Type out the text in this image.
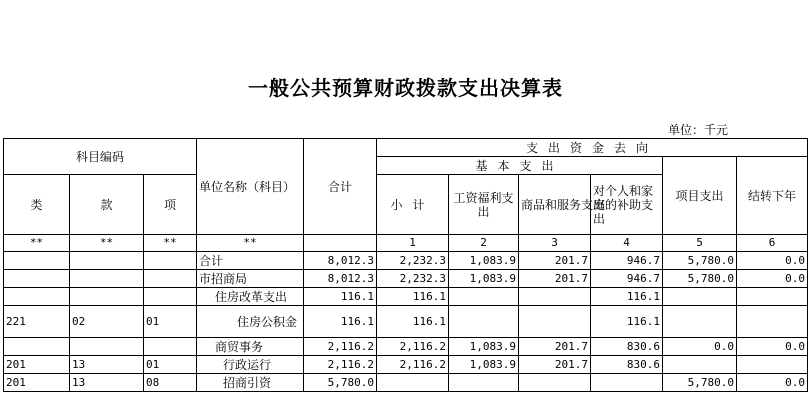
一般公共预算财政拨款支出决算表
单位：千元
科目编码			单位名称（科目）	合计	支出资金去向					
					基本支出				项目支出	结转下年
类	款	项			小计	工资福利支出	商品和服务支出	对个人和家庭的补助支出		

**	**	**	**		1	2	3	4	5	6
			合计	8,012.3	2,232.3	1,083.9	201.7	946.7	5,780.0	0.0
			市招商局	8,012.3	2,232.3	1,083.9	201.7	946.7	5,780.0	0.0
			住房改革支出	116.1	116.1			116.1		
221	02	01	住房公积金	116.1	116.1			116.1		
			商贸事务	2,116.2	2,116.2	1,083.9	201.7	830.6	0.0	0.0
201	13	01	行政运行	2,116.2	2,116.2	1,083.9	201.7	830.6		
201	13	08	招商引资	5,780.0					5,780.0	0.0
